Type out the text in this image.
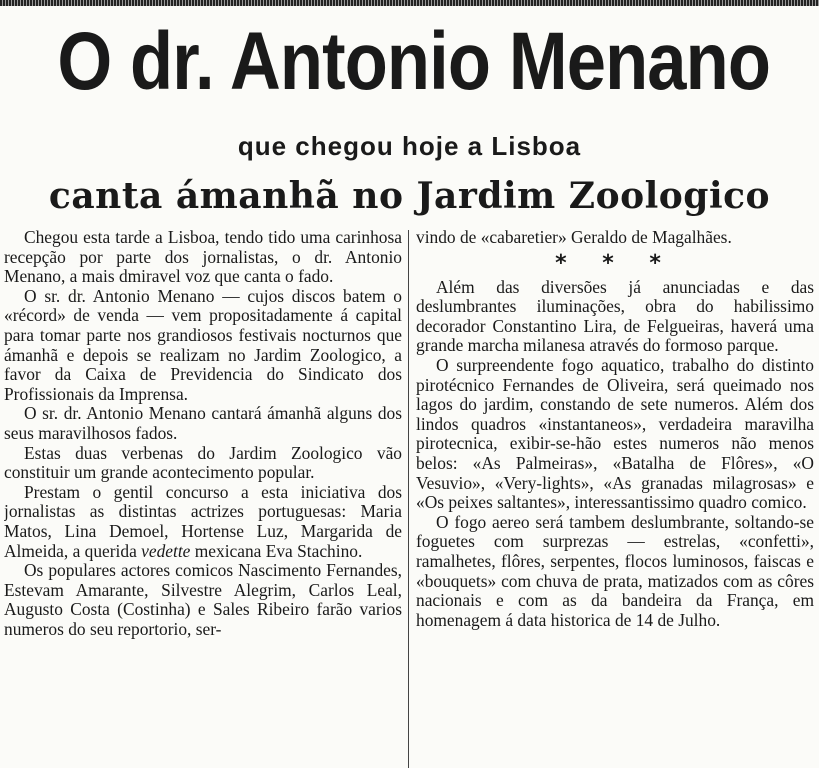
O dr. Antonio Menano
que chegou hoje a Lisboa
canta ámanhã no Jardim Zoologico

Chegou esta tarde a Lisboa, tendo tido uma carinhosa recepção por parte dos jornalistas, o dr. Antonio Menano, a mais dmiravel voz que canta o fado.

O sr. dr. Antonio Menano — cujos discos batem o «récord» de venda — vem propositadamente á capital para tomar parte nos grandiosos festivais nocturnos que ámanhã e depois se realizam no Jardim Zoologico, a favor da Caixa de Previdencia do Sindicato dos Profissionais da Imprensa.

O sr. dr. Antonio Menano cantará ámanhã alguns dos seus maravilhosos fados.

Estas duas verbenas do Jardim Zoologico vão constituir um grande acontecimento popular.

Prestam o gentil concurso a esta iniciativa dos jornalistas as distintas actrizes portuguesas: Maria Matos, Lina Demoel, Hortense Luz, Margarida de Almeida, a querida vedette mexicana Eva Stachino.

Os populares actores comicos Nascimento Fernandes, Estevam Amarante, Silvestre Alegrim, Carlos Leal, Augusto Costa (Costinha) e Sales Ribeiro farão varios numeros do seu reportorio, ser-

vindo de «cabaretier» Geraldo de Magalhães.

* * *

Além das diversões já anunciadas e das deslumbrantes iluminações, obra do habilissimo decorador Constantino Lira, de Felgueiras, haverá uma grande marcha milanesa através do formoso parque.

O surpreendente fogo aquatico, trabalho do distinto pirotécnico Fernandes de Oliveira, será queimado nos lagos do jardim, constando de sete numeros. Além dos lindos quadros «instantaneos», verdadeira maravilha pirotecnica, exibir-se-hão estes numeros não menos belos: «As Palmeiras», «Batalha de Flôres», «O Vesuvio», «Very-lights», «As granadas milagrosas» e «Os peixes saltantes», interessantissimo quadro comico.

O fogo aereo será tambem deslumbrante, soltando-se foguetes com surprezas — estrelas, «confetti», ramalhetes, flôres, serpentes, flocos luminosos, faiscas e «bouquets» com chuva de prata, matizados com as côres nacionais e com as da bandeira da França, em homenagem á data historica de 14 de Julho.
